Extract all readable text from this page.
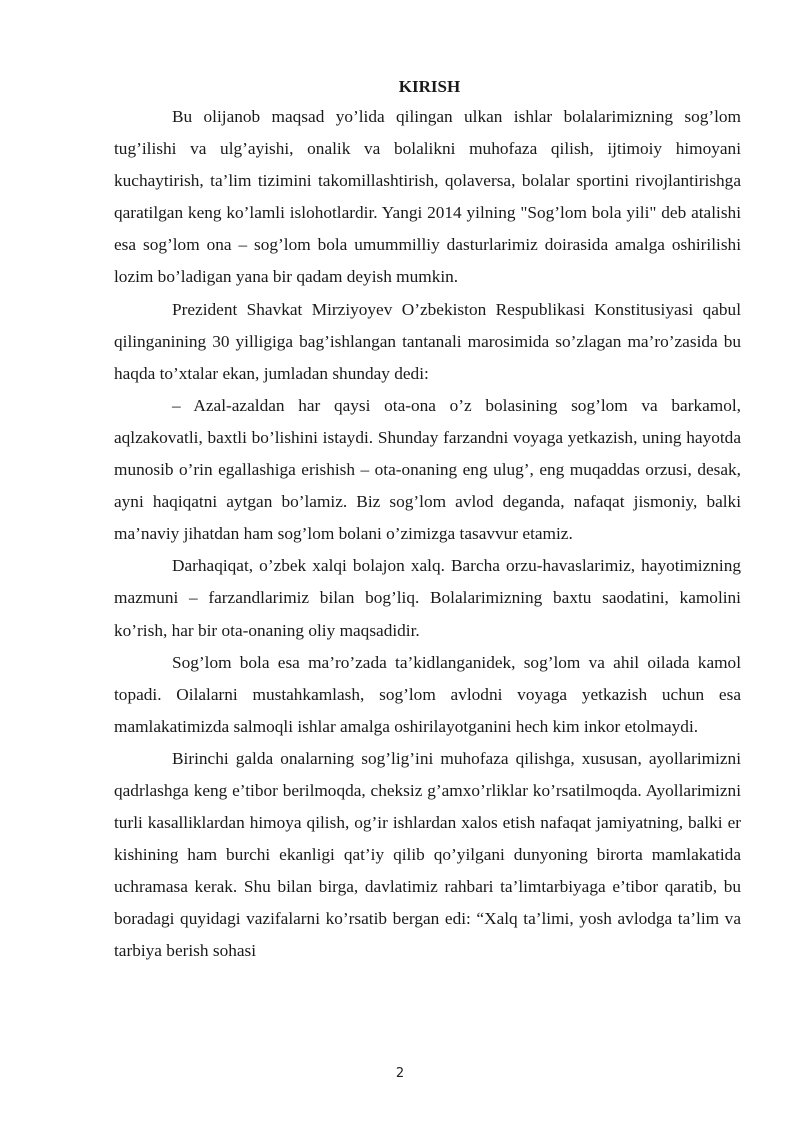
KIRISH

Bu olijanob maqsad yo’lida qilingan ulkan ishlar bolalarimizning sog’lom tug’ilishi va ulg’ayishi, onalik va bolalikni muhofaza qilish, ijtimoiy himoyani kuchaytirish, ta’lim tizimini takomillashtirish, qolaversa, bolalar sportini rivojlantirishga qaratilgan keng ko’lamli islohotlardir. Yangi 2014 yilning "Sog’lom bola yili" deb atalishi esa sog’lom ona – sog’lom bola umummilliy dasturlarimiz doirasida amalga oshirilishi lozim bo’ladigan yana bir qadam deyish mumkin.

Prezident Shavkat Mirziyoyev O’zbekiston Respublikasi Konstitusiyasi qabul qilinganining 30 yilligiga bag’ishlangan tantanali marosimida so’zlagan ma’ro’zasida bu haqda to’xtalar ekan, jumladan shunday dedi:

– Azal-azaldan har qaysi ota-ona o’z bolasining sog’lom va barkamol, aqlzakovatli, baxtli bo’lishini istaydi. Shunday farzandni voyaga yetkazish, uning hayotda munosib o’rin egallashiga erishish – ota-onaning eng ulug’, eng muqaddas orzusi, desak, ayni haqiqatni aytgan bo’lamiz. Biz sog’lom avlod deganda, nafaqat jismoniy, balki ma’naviy jihatdan ham sog’lom bolani o’zimizga tasavvur etamiz.

Darhaqiqat, o’zbek xalqi bolajon xalq. Barcha orzu-havaslarimiz, hayotimizning mazmuni – farzandlarimiz bilan bog’liq. Bolalarimizning baxtu saodatini, kamolini ko’rish, har bir ota-onaning oliy maqsadidir.

Sog’lom bola esa ma’ro’zada ta’kidlanganidek, sog’lom va ahil oilada kamol topadi. Oilalarni mustahkamlash, sog’lom avlodni voyaga yetkazish uchun esa mamlakatimizda salmoqli ishlar amalga oshirilayotganini hech kim inkor etolmaydi.

Birinchi galda onalarning sog’lig’ini muhofaza qilishga, xususan, ayollarimizni qadrlashga keng e’tibor berilmoqda, cheksiz g’amxo’rliklar ko’rsatilmoqda. Ayollarimizni turli kasalliklardan himoya qilish, og’ir ishlardan xalos etish nafaqat jamiyatning, balki er kishining ham burchi ekanligi qat’iy qilib qo’yilgani dunyoning birorta mamlakatida uchramasa kerak. Shu bilan birga, davlatimiz rahbari ta’limtarbiyaga e’tibor qaratib, bu boradagi quyidagi vazifalarni ko’rsatib bergan edi: “Xalq ta’limi, yosh avlodga ta’lim va tarbiya berish sohasi

2
